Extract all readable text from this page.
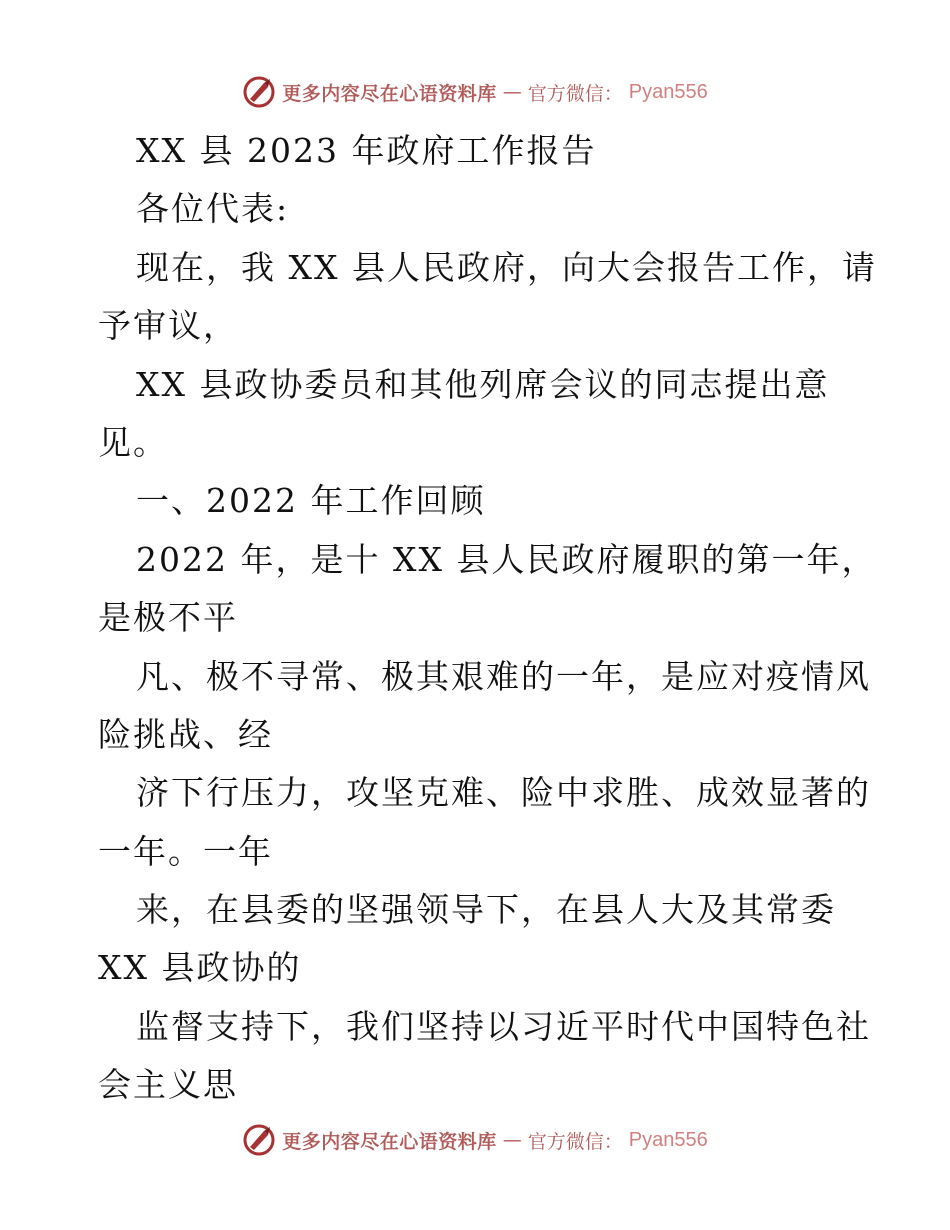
更多内容尽在心语资料库 — 官方微信： Pyan556
XX 县 2023 年政府工作报告
各位代表:
现在，我 XX 县人民政府，向大会报告工作，请
予审议，
XX 县政协委员和其他列席会议的同志提出意
见。
一、2022 年工作回顾
2022 年，是十 XX 县人民政府履职的第一年，
是极不平
凡、极不寻常、极其艰难的一年，是应对疫情风
险挑战、经
济下行压力，攻坚克难、险中求胜、成效显著的
一年。一年
来，在县委的坚强领导下，在县人大及其常委
XX 县政协的
监督支持下，我们坚持以习近平时代中国特色社
会主义思
更多内容尽在心语资料库 — 官方微信： Pyan556
